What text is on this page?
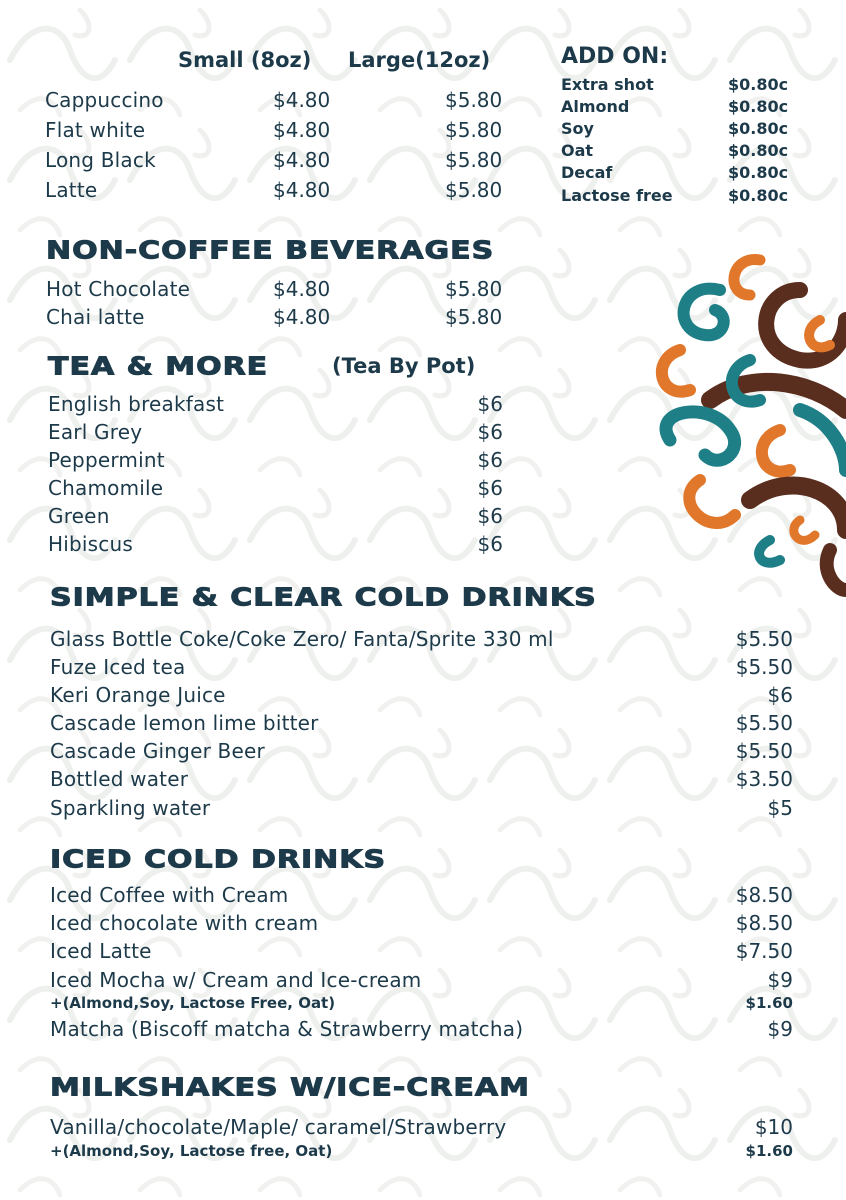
Small (8oz) Large(12oz)
Cappuccino	$4.80	$5.80
Flat white	$4.80	$5.80
Long Black	$4.80	$5.80
Latte	$4.80	$5.80
ADD ON:
Extra shot	$0.80c
Almond	$0.80c
Soy	$0.80c
Oat	$0.80c
Decaf	$0.80c
Lactose free	$0.80c
NON-COFFEE BEVERAGES
Hot Chocolate	$4.80	$5.80
Chai latte	$4.80	$5.80
TEA & MORE	(Tea By Pot)
English breakfast	$6
Earl Grey	$6
Peppermint	$6
Chamomile	$6
Green	$6
Hibiscus	$6
SIMPLE & CLEAR COLD DRINKS
Glass Bottle Coke/Coke Zero/ Fanta/Sprite 330 ml	$5.50
Fuze Iced tea	$5.50
Keri Orange Juice	$6
Cascade lemon lime bitter	$5.50
Cascade Ginger Beer	$5.50
Bottled water	$3.50
Sparkling water	$5
ICED COLD DRINKS
Iced Coffee with Cream	$8.50
Iced chocolate with cream	$8.50
Iced Latte	$7.50
Iced Mocha w/ Cream and Ice-cream	$9
+(Almond,Soy, Lactose Free, Oat)	$1.60
Matcha (Biscoff matcha & Strawberry matcha)	$9
MILKSHAKES W/ICE-CREAM
Vanilla/chocolate/Maple/ caramel/Strawberry	$10
+(Almond,Soy, Lactose free, Oat)	$1.60
